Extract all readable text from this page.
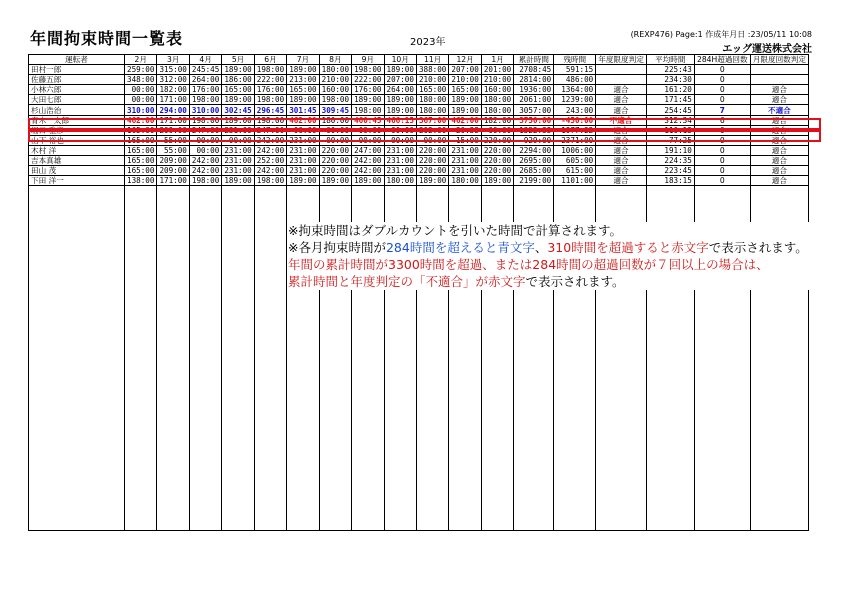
年間拘束時間一覧表	2023年
(REXP476) Page:1 作成年月日 :23/05/11 10:08
エッグ運送株式会社
運転者	2月	3月	4月	5月	6月	7月	8月	9月	10月	11月	12月	1月	累計時間	残時間	年度限度判定	平均時間	284H超過回数	月限度回数判定
田村一郎	259:00	315:00	245:45	189:00	198:00	189:00	180:00	198:00	189:00	388:00	207:00	201:00	2708:45	591:15		225:43	0	
佐藤五郎	348:00	312:00	264:00	186:00	222:00	213:00	210:00	222:00	207:00	210:00	210:00	210:00	2814:00	486:00		234:30	0	
小林六郎	00:00	182:00	176:00	165:00	176:00	165:00	160:00	176:00	264:00	165:00	165:00	160:00	1936:00	1364:00	適合	161:20	0	適合
大田七郎	00:00	171:00	198:00	189:00	198:00	189:00	198:00	189:00	189:00	180:00	189:00	180:00	2061:00	1239:00	適合	171:45	0	適合
杉山浩治	310:00	294:00	310:00	302:45	296:45	301:45	309:45	198:00	189:00	180:00	189:00	180:00	3057:00	243:00	適合	254:45	7	不適合
青木　太郎	462:00	171:00	198:00	189:00	198:00	462:00	180:00	460:45	466:15	367:00	462:00	182:00	3750:00	-450:00	不適合	312:34	6	適合
堀口 雅彦	165:00	209:00	247:00	231:00	247:00	00:00	00:00	00:00	00:00	202:00	20:38	00:00	1322:38	1977:22	適合	110:13	0	適合
山下 裕也	165:00	55:00	00:00	00:00	242:00	231:00	00:00	00:00	00:00	00:00	15:00	220:00	929:00	2371:00	適合	77:25	0	適合
木村 洋	165:00	55:00	00:00	231:00	242:00	231:00	220:00	247:00	231:00	220:00	231:00	220:00	2294:00	1006:00	適合	191:10	0	適合
吉本真雄	165:00	209:00	242:00	231:00	252:00	231:00	220:00	242:00	231:00	220:00	231:00	220:00	2695:00	605:00	適合	224:35	0	適合
田山 茂	165:00	209:00	242:00	231:00	242:00	231:00	220:00	242:00	231:00	220:00	231:00	220:00	2685:00	615:00	適合	223:45	0	適合
下田 洋一	138:00	171:00	198:00	189:00	198:00	189:00	189:00	189:00	180:00	189:00	180:00	189:00	2199:00	1101:00	適合	183:15	0	適合

※拘束時間はダブルカウントを引いた時間で計算されます。
※各月拘束時間が284時間を超えると青文字、310時間を超過すると赤文字で表示されます。
年間の累計時間が3300時間を超過、または284時間の超過回数が７回以上の場合は、
累計時間と年度判定の「不適合」が赤文字で表示されます。
